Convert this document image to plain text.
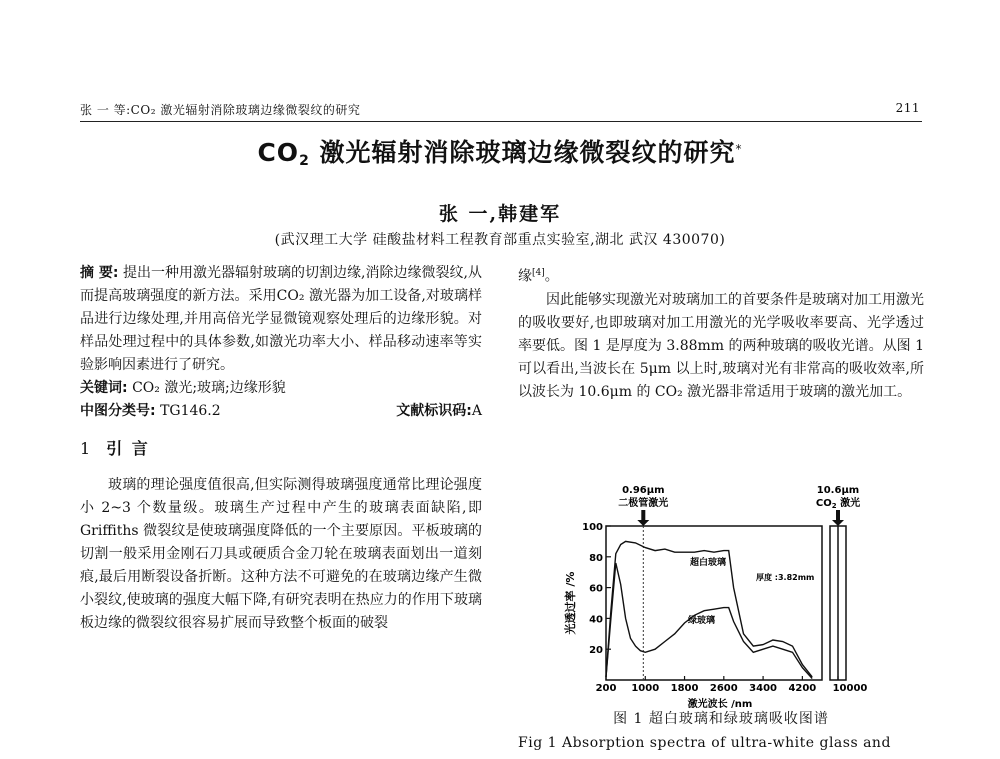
张 一 等:CO₂ 激光辐射消除玻璃边缘微裂纹的研究	211
$CO_2$ 激光辐射消除玻璃边缘微裂纹的研究*
张 一,韩建军
(武汉理工大学 硅酸盐材料工程教育部重点实验室,湖北 武汉 430070)
摘 要: 提出一种用激光器辐射玻璃的切割边缘,消除边缘微裂纹,从而提高玻璃强度的新方法。采用CO₂ 激光器为加工设备,对玻璃样品进行边缘处理,并用高倍光学显微镜观察处理后的边缘形貌。对样品处理过程中的具体参数,如激光功率大小、样品移动速率等实验影响因素进行了研究。
关键词: CO₂ 激光;玻璃;边缘形貌
中图分类号: TG146.2	文献标识码:A
1 引 言
玻璃的理论强度值很高,但实际测得玻璃强度通常比理论强度小 2~3 个数量级。玻璃生产过程中产生的玻璃表面缺陷,即 Griffiths 微裂纹是使玻璃强度降低的一个主要原因。平板玻璃的切割一般采用金刚石刀具或硬质合金刀轮在玻璃表面划出一道刻痕,最后用断裂设备折断。这种方法不可避免的在玻璃边缘产生微小裂纹,使玻璃的强度大幅下降,有研究表明在热应力的作用下玻璃板边缘的微裂纹很容易扩展而导致整个板面的破裂
缘[4]。
因此能够实现激光对玻璃加工的首要条件是玻璃对加工用激光的吸收要好,也即玻璃对加工用激光的光学吸收率要高、光学透过率要低。图 1 是厚度为 3.88mm 的两种玻璃的吸收光谱。从图 1 可以看出,当波长在 5μm 以上时,玻璃对光有非常高的吸收效率,所以波长为 10.6μm 的 CO₂ 激光器非常适用于玻璃的激光加工。
0.96μm
二极管激光
10.6μm
$CO_2$ 激光
光透过率 /%
激光波长 /nm
20
40
60
80
100
200 1000 1800 2600 3400 4200 10000
超白玻璃
绿玻璃
厚度 :3.82mm
图 1 超白玻璃和绿玻璃吸收图谱
Fig 1 Absorption spectra of ultra-white glass and
